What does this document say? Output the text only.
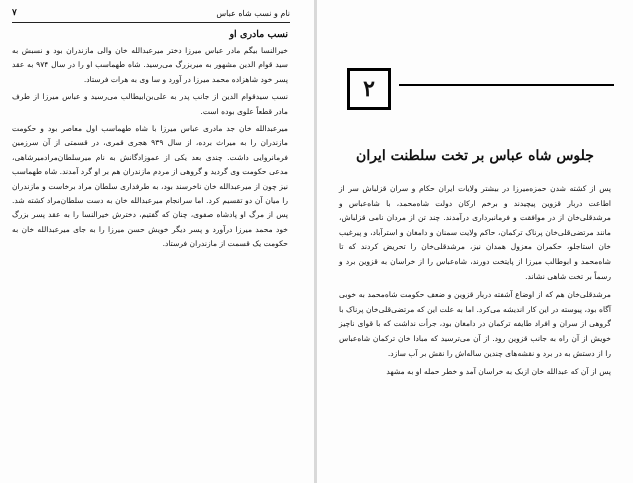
نام و نسب شاه عباس
۷
نسب مادری او

خیرالنسا بیگم مادر عباس میرزا دختر میرعبدالله خان والی مازندران بود و نسبش به سید قوام الدین مشهور به میربزرگ می‌رسید. شاه طهماسب او را در سال ۹۷۴ به عقد پسر خود شاهزاده محمد میرزا در آورد و سا وی به هرات فرستاد.

نسب سیدقوام الدین از جانب پدر به علی‌بن‌ابیطالب می‌رسید و عباس میرزا از طرف مادر قطعاً علوی بوده است.

میرعبدالله خان جد مادری عباس میرزا با شاه طهماسب اول معاصر بود و حکومت مازندران را به میراث برده، از سال ۹۳۹ هجری قمری، در قسمتی از آن سرزمین فرمانروایی داشت. چندی بعد یکی از عموزادگانش به نام میرسلطان‌مرادمیرشاهی، مدعی حکومت وی گردید و گروهی از مردم مازندران هم بر او گرد آمدند. شاه طهماسب نیز چون از میرعبدالله خان ناخرسند بود، به طرفداری سلطان مراد برخاست و مازندران را میان آن دو تقسیم کرد. اما سرانجام میرعبدالله خان به دست سلطان‌مراد کشته شد. پس از مرگ او پادشاه صفوی، چنان که گفتیم، دخترش خیرالنسا را به عقد پسر بزرگ خود محمد میرزا درآورد و پسر دیگر خویش حسن میرزا را به جای میرعبدالله خان به حکومت یک قسمت از مازندران فرستاد.

۲
جلوس شاه عباس بر تخت سلطنت ایران

پس از کشته شدن حمزه‌میرزا در بیشتر ولایات ایران حکام و سران قزلباش سر از اطاعت دربار قزوین پیچیدند و برخم ارکان دولت شاه‌محمد، با شاه‌عباس و مرشدقلی‌خان از در موافقت و فرمانبرداری درآمدند. چند تن از مردان نامی قزلباش، مانند مرتضی‌قلی‌خان پرناک ترکمان، حاکم ولایت سمنان و دامغان و استرآباد، و پیرغیب خان استاجلو، حکمران معزول همدان نیز، مرشدقلی‌خان را تحریض کردند که تا شاه‌محمد و ابوطالب میرزا از پایتخت دورند، شاه‌عباس را از خراسان به قزوین برد و رسماً بر تخت شاهی نشاند.

مرشدقلی‌خان هم که از اوضاع آشفته دربار قزوین و ضعف حکومت شاه‌محمد به خوبی آگاه بود، پیوسته در این کار اندیشه می‌کرد. اما به علت این که مرتضی‌قلی‌خان پرناک با گروهی از سران و افراد طایفه ترکمان در دامغان بود، جرأت نداشت که با قوای ناچیز خویش از آن راه به جانب قزوین رود. از آن می‌ترسید که مبادا خان ترکمان شاه‌عباس را از دستش به در برد و نقشه‌های چندین ساله‌اش را نقش بر آب سازد.

پس از آن که عبدالله خان ازبک به خراسان آمد و خطر حمله او به مشهد
